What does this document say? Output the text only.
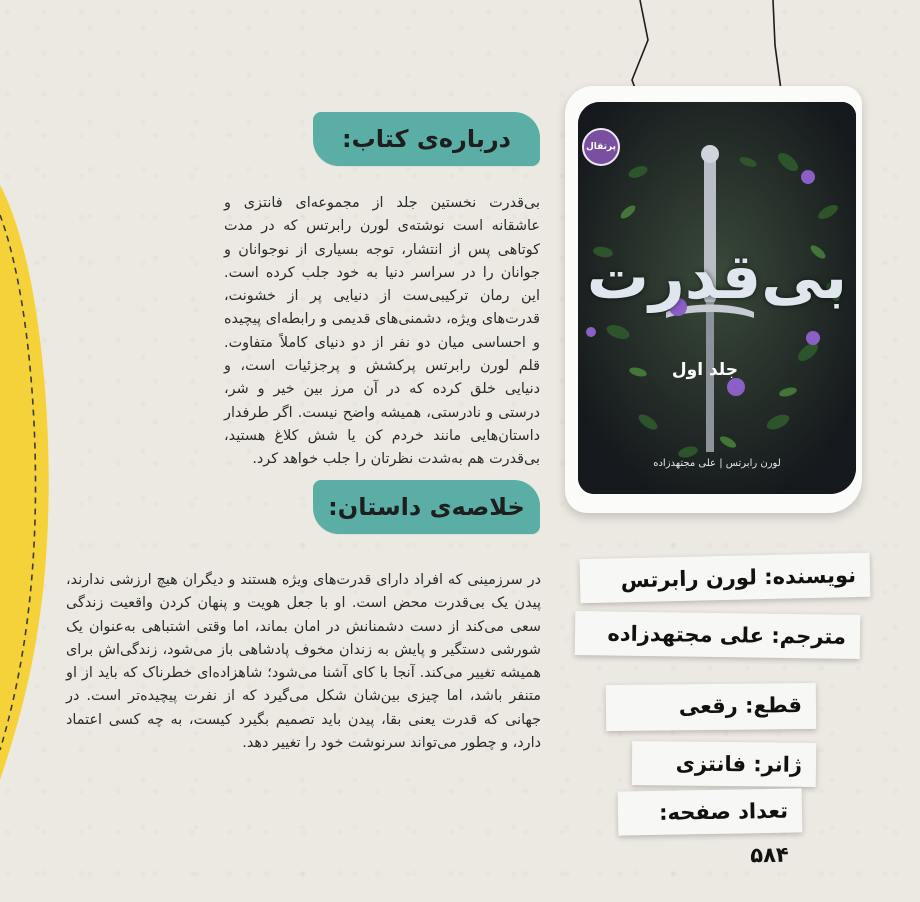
درباره‌ی کتاب:
بی‌قدرت نخستین جلد از مجموعه‌ای فانتزی و عاشقانه است نوشته‌ی لورن رابرتس که در مدت کوتاهی پس از انتشار، توجه بسیاری از نوجوانان و جوانان را در سراسر دنیا به خود جلب کرده است. این رمان ترکیبی‌ست از دنیایی پر از خشونت، قدرت‌های ویژه، دشمنی‌های قدیمی و رابطه‌ای پیچیده و احساسی میان دو نفر از دو دنیای کاملاً متفاوت. قلم لورن رابرتس پرکشش و پرجزئیات است، و دنیایی خلق کرده که در آن مرز بین خیر و شر، درستی و نادرستی، همیشه واضح نیست. اگر طرفدار داستان‌هایی مانند خردم کن یا شش کلاغ هستید، بی‌قدرت هم به‌شدت نظرتان را جلب خواهد کرد.
خلاصه‌ی داستان:
در سرزمینی که افراد دارای قدرت‌های ویژه هستند و دیگران هیچ ارزشی ندارند، پیدن یک بی‌قدرت محض است. او با جعل هویت و پنهان کردن واقعیت زندگی سعی می‌کند از دست دشمنانش در امان بماند، اما وقتی اشتباهی به‌عنوان یک شورشی دستگیر و پایش به زندان مخوف پادشاهی باز می‌شود، زندگی‌اش برای همیشه تغییر می‌کند. آنجا با کای آشنا می‌شود؛ شاهزاده‌ای خطرناک که باید از او متنفر باشد، اما چیزی بین‌شان شکل می‌گیرد که از نفرت پیچیده‌تر است. در جهانی که قدرت یعنی بقا، پیدن باید تصمیم بگیرد کیست، به چه کسی اعتماد دارد، و چطور می‌تواند سرنوشت خود را تغییر دهد.
بی‌قدرت
جلد اول
پرتقال
لورن رابرتس | علی مجتهدزاده
نویسنده: لورن رابرتس
مترجم: علی مجتهدزاده
قطع: رقعی
ژانر: فانتزی
تعداد صفحه: ۵۸۴
